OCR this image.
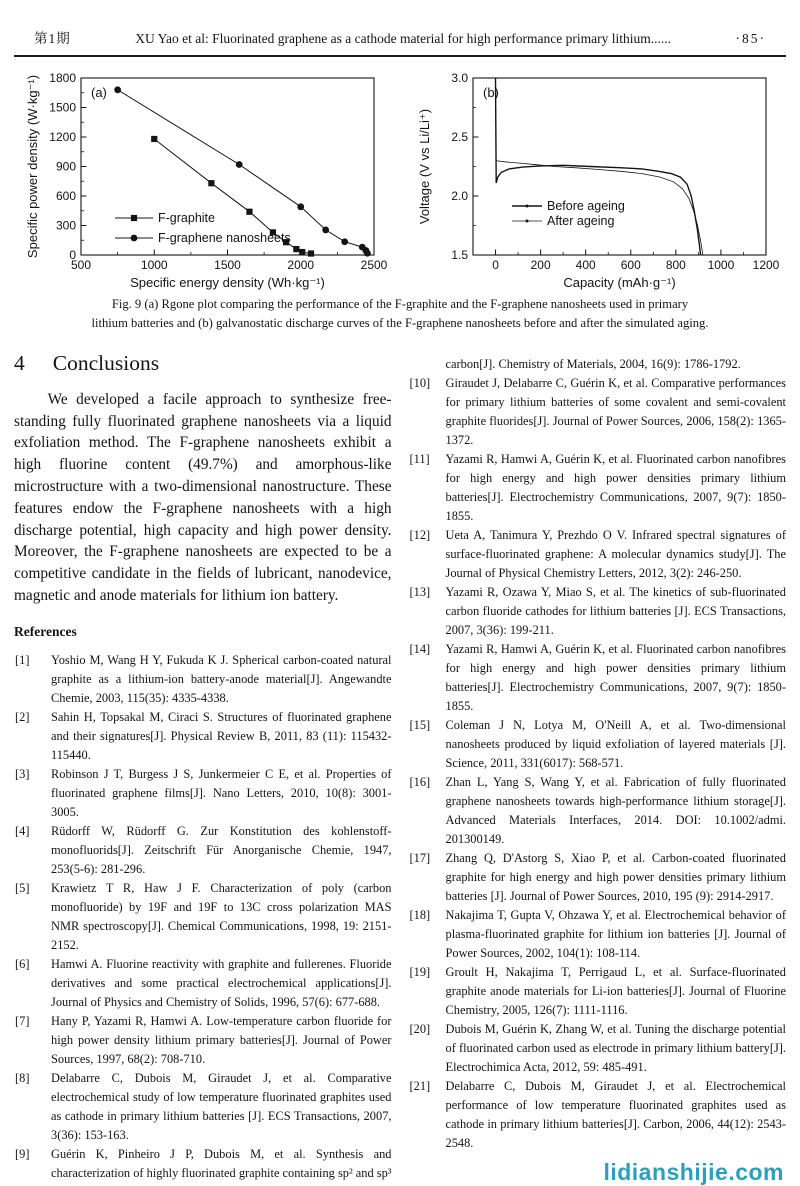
第1期	XU Yao et al: Fluorinated graphene as a cathode material for high performance primary lithium......	·85·
500	1000	1500	2000	2500
0
300
600
900
1200
1500
1800
Specific energy density (Wh·kg⁻¹)
Specific power density (W·kg⁻¹)	(a)
F-graphite
F-graphene nanosheets
0	200 400 600 800 1000 1200
1.5
2.0
2.5
3.0
Capacity (mAh·g⁻¹)
Voltage (V vs Li/Li⁺)
(b)
Before ageing
After ageing
Fig. 9 (a) Rgone plot comparing the performance of the F-graphite and the F-graphene nanosheets used in primary
lithium batteries and (b) galvanostatic discharge curves of the F-graphene nanosheets before and after the simulated aging.
4 Conclusions

We developed a facile approach to synthesize free-standing fully fluorinated graphene nanosheets via a liquid exfoliation method. The F-graphene nanosheets exhibit a high fluorine content (49.7%) and amorphous-like microstructure with a two-dimensional nanostructure. These features endow the F-graphene nanosheets with a high discharge potential, high capacity and high power density. Moreover, the F-graphene nanosheets are expected to be a competitive candidate in the fields of lubricant, nanodevice, magnetic and anode materials for lithium ion battery.

References
[1] Yoshio M, Wang H Y, Fukuda K J. Spherical carbon-coated natural graphite as a lithium-ion battery-anode material[J]. Angewandte Chemie, 2003, 115(35): 4335-4338.
[2] Sahin H, Topsakal M, Ciraci S. Structures of fluorinated graphene and their signatures[J]. Physical Review B, 2011, 83 (11): 115432-115440.
[3] Robinson J T, Burgess J S, Junkermeier C E, et al. Properties of fluorinated graphene films[J]. Nano Letters, 2010, 10(8): 3001-3005.
[4] Rüdorff W, Rüdorff G. Zur Konstitution des kohlenstoff-monofluorids[J]. Zeitschrift Für Anorganische Chemie, 1947, 253(5-6): 281-296.
[5] Krawietz T R, Haw J F. Characterization of poly (carbon monofluoride) by 19F and 19F to 13C cross polarization MAS NMR spectroscopy[J]. Chemical Communications, 1998, 19: 2151-2152.
[6] Hamwi A. Fluorine reactivity with graphite and fullerenes. Fluoride derivatives and some practical electrochemical applications[J]. Journal of Physics and Chemistry of Solids, 1996, 57(6): 677-688.
[7] Hany P, Yazami R, Hamwi A. Low-temperature carbon fluoride for high power density lithium primary batteries[J]. Journal of Power Sources, 1997, 68(2): 708-710.
[8] Delabarre C, Dubois M, Giraudet J, et al. Comparative electrochemical study of low temperature fluorinated graphites used as cathode in primary lithium batteries [J]. ECS Transactions, 2007, 3(36): 153-163.
[9] Guérin K, Pinheiro J P, Dubois M, et al. Synthesis and characterization of highly fluorinated graphite containing sp² and sp³

carbon[J]. Chemistry of Materials, 2004, 16(9): 1786-1792.

[10] Giraudet J, Delabarre C, Guérin K, et al. Comparative performances for primary lithium batteries of some covalent and semi-covalent graphite fluorides[J]. Journal of Power Sources, 2006, 158(2): 1365-1372.
[11] Yazami R, Hamwi A, Guérin K, et al. Fluorinated carbon nanofibres for high energy and high power densities primary lithium batteries[J]. Electrochemistry Communications, 2007, 9(7): 1850-1855.
[12] Ueta A, Tanimura Y, Prezhdo O V. Infrared spectral signatures of surface-fluorinated graphene: A molecular dynamics study[J]. The Journal of Physical Chemistry Letters, 2012, 3(2): 246-250.
[13] Yazami R, Ozawa Y, Miao S, et al. The kinetics of sub-fluorinated carbon fluoride cathodes for lithium batteries [J]. ECS Transactions, 2007, 3(36): 199-211.
[14] Yazami R, Hamwi A, Guérin K, et al. Fluorinated carbon nanofibres for high energy and high power densities primary lithium batteries[J]. Electrochemistry Communications, 2007, 9(7): 1850-1855.
[15] Coleman J N, Lotya M, O'Neill A, et al. Two-dimensional nanosheets produced by liquid exfoliation of layered materials [J]. Science, 2011, 331(6017): 568-571.
[16] Zhan L, Yang S, Wang Y, et al. Fabrication of fully fluorinated graphene nanosheets towards high-performance lithium storage[J]. Advanced Materials Interfaces, 2014. DOI: 10.1002/admi. 201300149.
[17] Zhang Q, D'Astorg S, Xiao P, et al. Carbon-coated fluorinated graphite for high energy and high power densities primary lithium batteries [J]. Journal of Power Sources, 2010, 195 (9): 2914-2917.
[18] Nakajima T, Gupta V, Ohzawa Y, et al. Electrochemical behavior of plasma-fluorinated graphite for lithium ion batteries [J]. Journal of Power Sources, 2002, 104(1): 108-114.
[19] Groult H, Nakajima T, Perrigaud L, et al. Surface-fluorinated graphite anode materials for Li-ion batteries[J]. Journal of Fluorine Chemistry, 2005, 126(7): 1111-1116.
[20] Dubois M, Guérin K, Zhang W, et al. Tuning the discharge potential of fluorinated carbon used as electrode in primary lithium battery[J]. Electrochimica Acta, 2012, 59: 485-491.
[21] Delabarre C, Dubois M, Giraudet J, et al. Electrochemical performance of low temperature fluorinated graphites used as cathode in primary lithium batteries[J]. Carbon, 2006, 44(12): 2543-2548.
lidianshijie.com
